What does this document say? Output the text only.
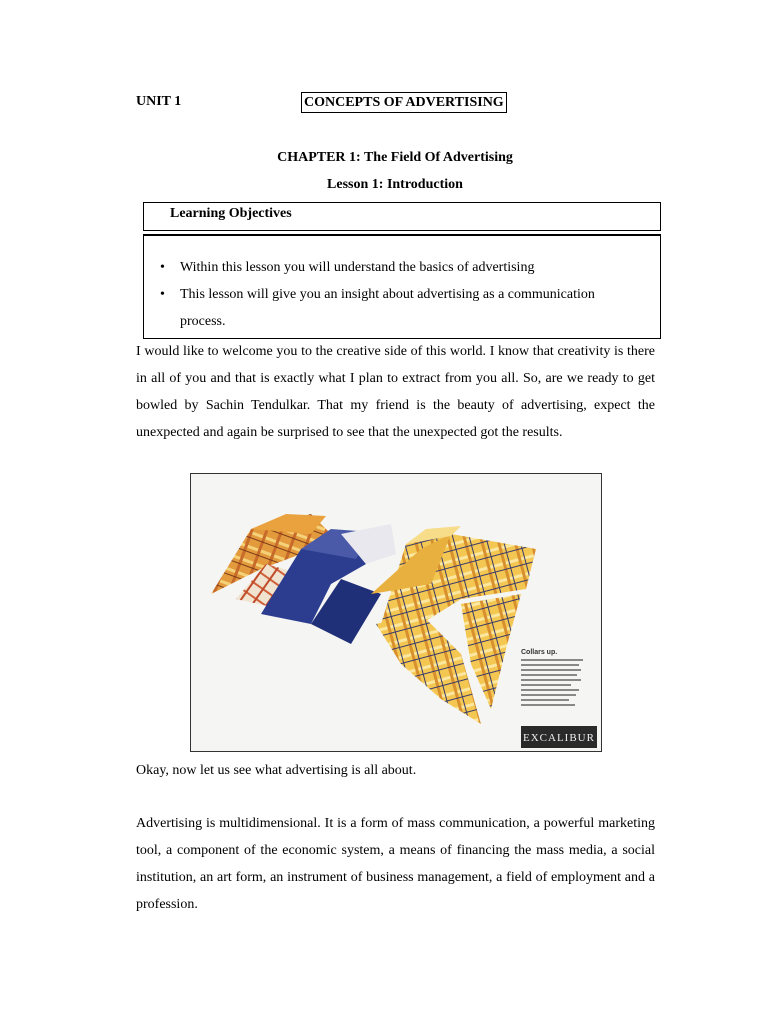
UNIT 1	CONCEPTS OF ADVERTISING
CHAPTER 1: The Field Of Advertising
Lesson 1: Introduction
Learning Objectives
•	Within this lesson you will understand the basics of advertising
•	This lesson will give you an insight about advertising as a communication process.
I would like to welcome you to the creative side of this world. I know that creativity is there in all of you and that is exactly what I plan to extract from you all. So, are we ready to get bowled by Sachin Tendulkar. That my friend is the beauty of advertising, expect the unexpected and again be surprised to see that the unexpected got the results.
Collars up.
EXCALIBUR
Okay, now let us see what advertising is all about.
Advertising is multidimensional. It is a form of mass communication, a powerful marketing tool, a component of the economic system, a means of financing the mass media, a social institution, an art form, an instrument of business management, a field of employment and a profession.
